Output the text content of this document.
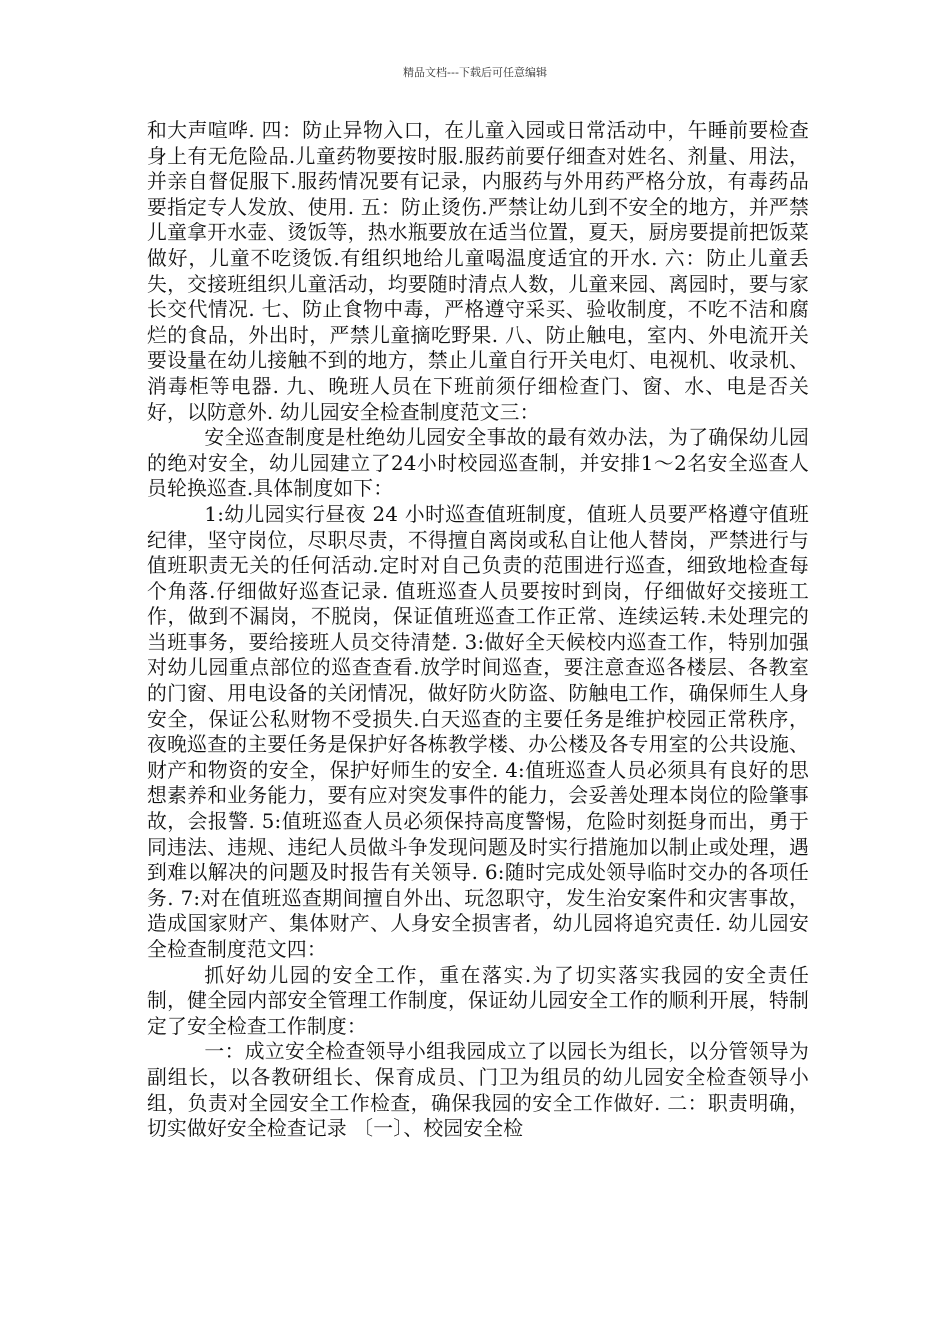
精品文档---下载后可任意编辑

和大声喧哗. 四：防止异物入口，在儿童入园或日常活动中，午睡前要检查身上有无危险品.儿童药物要按时服.服药前要仔细查对姓名、剂量、用法，并亲自督促服下.服药情况要有记录，内服药与外用药严格分放，有毒药品要指定专人发放、使用. 五：防止烫伤.严禁让幼儿到不安全的地方，并严禁儿童拿开水壶、烫饭等，热水瓶要放在适当位置，夏天，厨房要提前把饭菜做好，儿童不吃烫饭.有组织地给儿童喝温度适宜的开水. 六：防止儿童丢失，交接班组织儿童活动，均要随时清点人数，儿童来园、离园时，要与家长交代情况. 七、防止食物中毒，严格遵守采买、验收制度，不吃不洁和腐烂的食品，外出时，严禁儿童摘吃野果. 八、防止触电，室内、外电流开关要设量在幼儿接触不到的地方，禁止儿童自行开关电灯、电视机、收录机、消毒柜等电器. 九、晚班人员在下班前须仔细检查门、窗、水、电是否关好，以防意外. 幼儿园安全检查制度范文三：

安全巡查制度是杜绝幼儿园安全事故的最有效办法，为了确保幼儿园的绝对安全，幼儿园建立了24小时校园巡查制，并安排1～2名安全巡查人员轮换巡查.具体制度如下：

1:幼儿园实行昼夜 24 小时巡查值班制度，值班人员要严格遵守值班纪律，坚守岗位，尽职尽责，不得擅自离岗或私自让他人替岗，严禁进行与值班职责无关的任何活动.定时对自己负责的范围进行巡查，细致地检查每 个角落.仔细做好巡查记录. 值班巡查人员要按时到岗，仔细做好交接班工作，做到不漏岗，不脱岗，保证值班巡查工作正常、连续运转.未处理完的当班事务，要给接班人员交待清楚. 3:做好全天候校内巡查工作，特别加强对幼儿园重点部位的巡查查看.放学时间巡查，要注意查巡各楼层、各教室的门窗、用电设备的关闭情况，做好防火防盗、防触电工作，确保师生人身安全，保证公私财物不受损失.白天巡查的主要任务是维护校园正常秩序，夜晚巡查的主要任务是保护好各栋教学楼、办公楼及各专用室的公共设施、财产和物资的安全，保护好师生的安全. 4:值班巡查人员必须具有良好的思想素养和业务能力，要有应对突发事件的能力，会妥善处理本岗位的险肇事故，会报警. 5:值班巡查人员必须保持高度警惕，危险时刻挺身而出，勇于同违法、违规、违纪人员做斗争发现问题及时实行措施加以制止或处理，遇到难以解决的问题及时报告有关领导. 6:随时完成处领导临时交办的各项任务. 7:对在值班巡查期间擅自外出、玩忽职守，发生治安案件和灾害事故，造成国家财产、集体财产、人身安全损害者，幼儿园将追究责任. 幼儿园安全检查制度范文四：

抓好幼儿园的安全工作，重在落实.为了切实落实我园的安全责任制，健全园内部安全管理工作制度，保证幼儿园安全工作的顺利开展，特制定了安全检查工作制度：

一：成立安全检查领导小组我园成立了以园长为组长，以分管领导为副组长，以各教研组长、保育成员、门卫为组员的幼儿园安全检查领导小组，负责对全园安全工作检查，确保我园的安全工作做好. 二：职责明确，切实做好安全检查记录 〔一〕、校园安全检
